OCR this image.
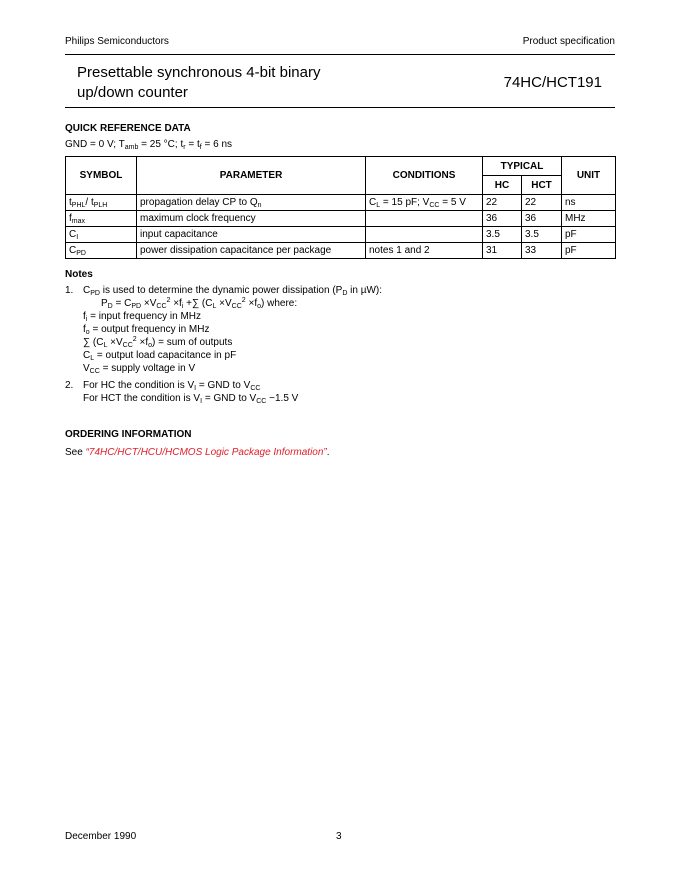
Philips Semiconductors	Product specification
Presettable synchronous 4-bit binary
up/down counter
74HC/HCT191
QUICK REFERENCE DATA
GND = 0 V; $T_{amb} = 25$ °C; $t_r = t_f = 6$ ns
SYMBOL	PARAMETER	CONDITIONS	TYPICAL		UNIT
			HC	HCT	
$t_{PHL}/$ $t_{PLH}$	propagation delay CP to $Q_n$	$C_L = 15$ pF; $V_{CC} = 5$ V	22	22	ns
$f_{max}$	maximum clock frequency		36	36	MHz
$C_I$	input capacitance		3.5	3.5	pF
$C_{PD}$	power dissipation capacitance per package	notes 1 and 2	31	33	pF
Notes
1. $C_{PD}$ is used to determine the dynamic power dissipation ($P_D$ in µW):
$P_D = C_{PD} \times V_{CC}^2 \times f_i$ +∑ $(C_L \times V_{CC}^2 \times f_o)$ where:
$f_i$ = input frequency in MHz
$f_o$ = output frequency in MHz
∑ $(C_L \times V_{CC}^2 \times f_o)$ = sum of outputs
$C_L$ = output load capacitance in pF
$V_{CC}$ = supply voltage in V
2. For HC the condition is $V_I$ = GND to $V_{CC}$
For HCT the condition is $V_I$ = GND to $V_{CC} -1.5$ V
ORDERING INFORMATION
See “74HC/HCT/HCU/HCMOS Logic Package Information”.
December 1990	3
